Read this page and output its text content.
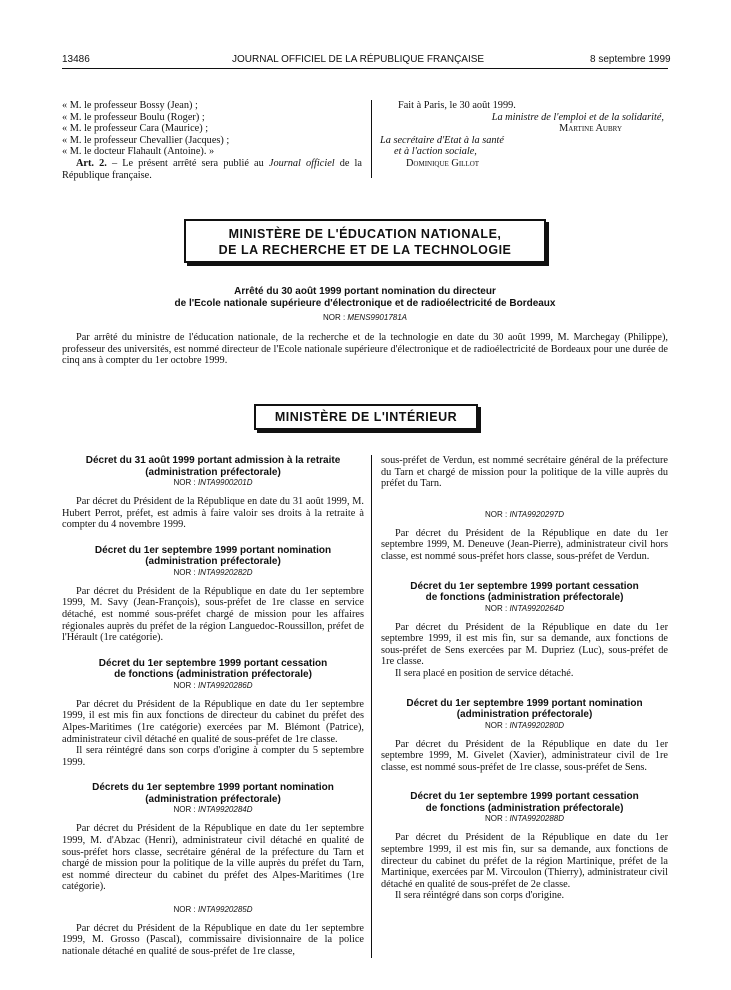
13486	JOURNAL OFFICIEL DE LA RÉPUBLIQUE FRANÇAISE	8 septembre 1999

« M. le professeur Bossy (Jean) ;

« M. le professeur Boulu (Roger) ;

« M. le professeur Cara (Maurice) ;

« M. le professeur Chevallier (Jacques) ;

« M. le docteur Flahault (Antoine). »

Art. 2. – Le présent arrêté sera publié au Journal officiel de la République française.

Fait à Paris, le 30 août 1999.

La ministre de l'emploi et de la solidarité,

Martine Aubry

La secrétaire d'Etat à la santé

et à l'action sociale,

Dominique Gillot

MINISTÈRE DE L'ÉDUCATION NATIONALE,
DE LA RECHERCHE ET DE LA TECHNOLOGIE

Arrêté du 30 août 1999 portant nomination du directeur

de l'Ecole nationale supérieure d'électronique et de radioélectricité de Bordeaux

NOR : MENS9901781A

Par arrêté du ministre de l'éducation nationale, de la recherche et de la technologie en date du 30 août 1999, M. Marchegay (Philippe), professeur des universités, est nommé directeur de l'Ecole nationale supérieure d'électronique et de radioélectricité de Bordeaux pour une durée de cinq ans à compter du 1er octobre 1999.

MINISTÈRE DE L'INTÉRIEUR

Décret du 31 août 1999 portant admission à la retraite

(administration préfectorale)

NOR : INTA9900201D

Par décret du Président de la République en date du 31 août 1999, M. Hubert Perrot, préfet, est admis à faire valoir ses droits à la retraite à compter du 4 novembre 1999.

Décret du 1er septembre 1999 portant nomination

(administration préfectorale)

NOR : INTA9920282D

Par décret du Président de la République en date du 1er septembre 1999, M. Savy (Jean-François), sous-préfet de 1re classe en service détaché, est nommé sous-préfet chargé de mission pour les affaires régionales auprès du préfet de la région Languedoc-Roussillon, préfet de l'Hérault (1re catégorie).

Décret du 1er septembre 1999 portant cessation

de fonctions (administration préfectorale)

NOR : INTA9920286D

Par décret du Président de la République en date du 1er septembre 1999, il est mis fin aux fonctions de directeur du cabinet du préfet des Alpes-Maritimes (1re catégorie) exercées par M. Blémont (Patrice), administrateur civil détaché en qualité de sous-préfet de 1re classe.

Il sera réintégré dans son corps d'origine à compter du 5 septembre 1999.

Décrets du 1er septembre 1999 portant nomination

(administration préfectorale)

NOR : INTA9920284D

Par décret du Président de la République en date du 1er septembre 1999, M. d'Abzac (Henri), administrateur civil détaché en qualité de sous-préfet hors classe, secrétaire général de la préfecture du Tarn et chargé de mission pour la politique de la ville auprès du préfet du Tarn, est nommé directeur du cabinet du préfet des Alpes-Maritimes (1re catégorie).

NOR : INTA9920285D

Par décret du Président de la République en date du 1er septembre 1999, M. Grosso (Pascal), commissaire divisionnaire de la police nationale détaché en qualité de sous-préfet de 1re classe,

sous-préfet de Verdun, est nommé secrétaire général de la préfecture du Tarn et chargé de mission pour la politique de la ville auprès du préfet du Tarn.

NOR : INTA9920297D

Par décret du Président de la République en date du 1er septembre 1999, M. Deneuve (Jean-Pierre), administrateur civil hors classe, est nommé sous-préfet hors classe, sous-préfet de Verdun.

Décret du 1er septembre 1999 portant cessation

de fonctions (administration préfectorale)

NOR : INTA9920264D

Par décret du Président de la République en date du 1er septembre 1999, il est mis fin, sur sa demande, aux fonctions de sous-préfet de Sens exercées par M. Dupriez (Luc), sous-préfet de 1re classe.

Il sera placé en position de service détaché.

Décret du 1er septembre 1999 portant nomination

(administration préfectorale)

NOR : INTA9920280D

Par décret du Président de la République en date du 1er septembre 1999, M. Givelet (Xavier), administrateur civil de 1re classe, est nommé sous-préfet de 1re classe, sous-préfet de Sens.

Décret du 1er septembre 1999 portant cessation

de fonctions (administration préfectorale)

NOR : INTA9920288D

Par décret du Président de la République en date du 1er septembre 1999, il est mis fin, sur sa demande, aux fonctions de directeur du cabinet du préfet de la région Martinique, préfet de la Martinique, exercées par M. Vircoulon (Thierry), administrateur civil détaché en qualité de sous-préfet de 2e classe.

Il sera réintégré dans son corps d'origine.
